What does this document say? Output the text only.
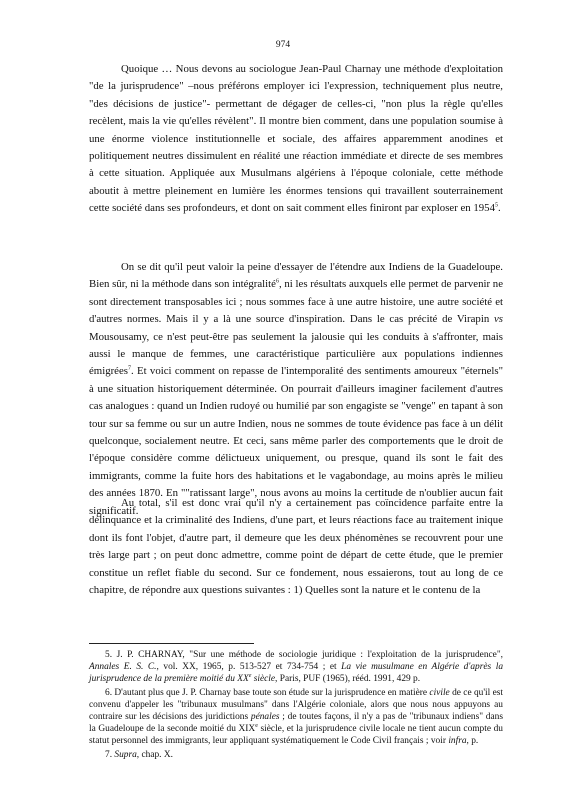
974

Quoique … Nous devons au sociologue Jean-Paul Charnay une méthode d'exploitation "de la jurisprudence" –nous préférons employer ici l'expression, techniquement plus neutre, "des décisions de justice"- permettant de dégager de celles-ci, "non plus la règle qu'elles recèlent, mais la vie qu'elles révèlent". Il montre bien comment, dans une population soumise à une énorme violence institutionnelle et sociale, des affaires apparemment anodines et politiquement neutres dissimulent en réalité une réaction immédiate et directe de ses membres à cette situation. Appliquée aux Musulmans algériens à l'époque coloniale, cette méthode aboutit à mettre pleinement en lumière les énormes tensions qui travaillent souterrainement cette société dans ses profondeurs, et dont on sait comment elles finiront par exploser en 1954$^5$.

On se dit qu'il peut valoir la peine d'essayer de l'étendre aux Indiens de la Guadeloupe. Bien sûr, ni la méthode dans son intégralité$^6$, ni les résultats auxquels elle permet de parvenir ne sont directement transposables ici ; nous sommes face à une autre histoire, une autre société et d'autres normes. Mais il y a là une source d'inspiration. Dans le cas précité de Virapin vs Mousousamy, ce n'est peut-être pas seulement la jalousie qui les conduits à s'affronter, mais aussi le manque de femmes, une caractéristique particulière aux populations indiennes émigrées$^7$. Et voici comment on repasse de l'intemporalité des sentiments amoureux "éternels" à une situation historiquement déterminée. On pourrait d'ailleurs imaginer facilement d'autres cas analogues : quand un Indien rudoyé ou humilié par son engagiste se "venge" en tapant à son tour sur sa femme ou sur un autre Indien, nous ne sommes de toute évidence pas face à un délit quelconque, socialement neutre. Et ceci, sans même parler des comportements que le droit de l'époque considère comme délictueux uniquement, ou presque, quand ils sont le fait des immigrants, comme la fuite hors des habitations et le vagabondage, au moins après le milieu des années 1870. En ""ratissant large", nous avons au moins la certitude de n'oublier aucun fait significatif.

Au total, s'il est donc vrai qu'il n'y a certainement pas coïncidence parfaite entre la délinquance et la criminalité des Indiens, d'une part, et leurs réactions face au traitement inique dont ils font l'objet, d'autre part, il demeure que les deux phénomènes se recouvrent pour une très large part ; on peut donc admettre, comme point de départ de cette étude, que le premier constitue un reflet fiable du second. Sur ce fondement, nous essaierons, tout au long de ce chapitre, de répondre aux questions suivantes : 1) Quelles sont la nature et le contenu de la

5. J. P. CHARNAY, "Sur une méthode de sociologie juridique : l'exploitation de la jurisprudence", Annales E. S. C., vol. XX, 1965, p. 513-527 et 734-754 ; et La vie musulmane en Algérie d'après la jurisprudence de la première moitié du XXe siècle, Paris, PUF (1965), rééd. 1991, 429 p.

6. D'autant plus que J. P. Charnay base toute son étude sur la jurisprudence en matière civile de ce qu'il est convenu d'appeler les "tribunaux musulmans" dans l'Algérie coloniale, alors que nous nous appuyons au contraire sur les décisions des juridictions pénales ; de toutes façons, il n'y a pas de "tribunaux indiens" dans la Guadeloupe de la seconde moitié du XIXe siècle, et la jurisprudence civile locale ne tient aucun compte du statut personnel des immigrants, leur appliquant systématiquement le Code Civil français ; voir infra, p.

7. Supra, chap. X.
